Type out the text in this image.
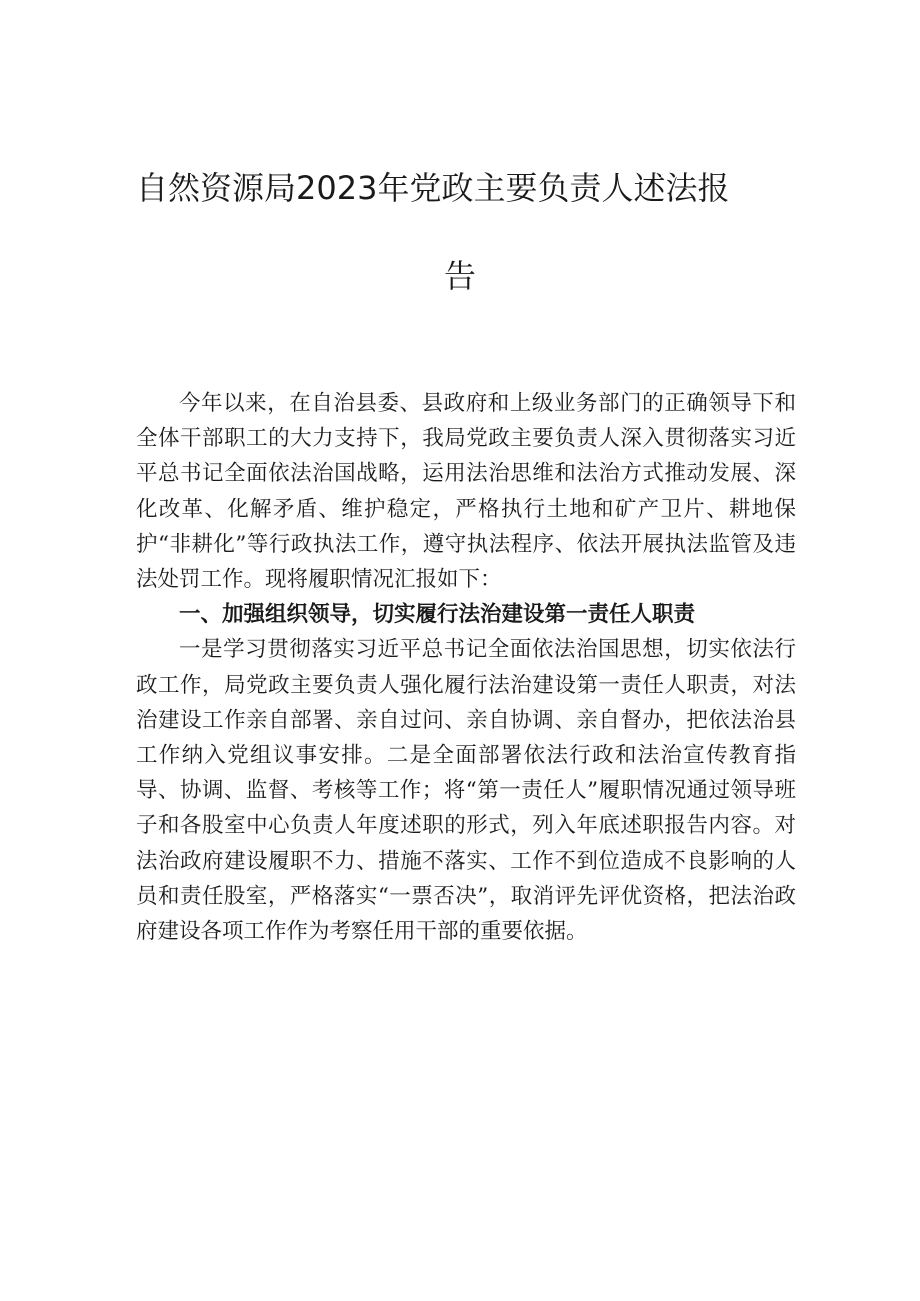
自然资源局2023年党政主要负责人述法报
告

今年以来，在自治县委、县政府和上级业务部门的正确领导下和全体干部职工的大力支持下，我局党政主要负责人深入贯彻落实习近平总书记全面依法治国战略，运用法治思维和法治方式推动发展、深化改革、化解矛盾、维护稳定，严格执行土地和矿产卫片、耕地保护“非耕化”等行政执法工作，遵守执法程序、依法开展执法监管及违法处罚工作。现将履职情况汇报如下：

一、加强组织领导，切实履行法治建设第一责任人职责

一是学习贯彻落实习近平总书记全面依法治国思想，切实依法行政工作，局党政主要负责人强化履行法治建设第一责任人职责，对法治建设工作亲自部署、亲自过问、亲自协调、亲自督办，把依法治县工作纳入党组议事安排。二是全面部署依法行政和法治宣传教育指导、协调、监督、考核等工作；将“第一责任人”履职情况通过领导班子和各股室中心负责人年度述职的形式，列入年底述职报告内容。对法治政府建设履职不力、措施不落实、工作不到位造成不良影响的人员和责任股室，严格落实“一票否决”，取消评先评优资格，把法治政府建设各项工作作为考察任用干部的重要依据。
